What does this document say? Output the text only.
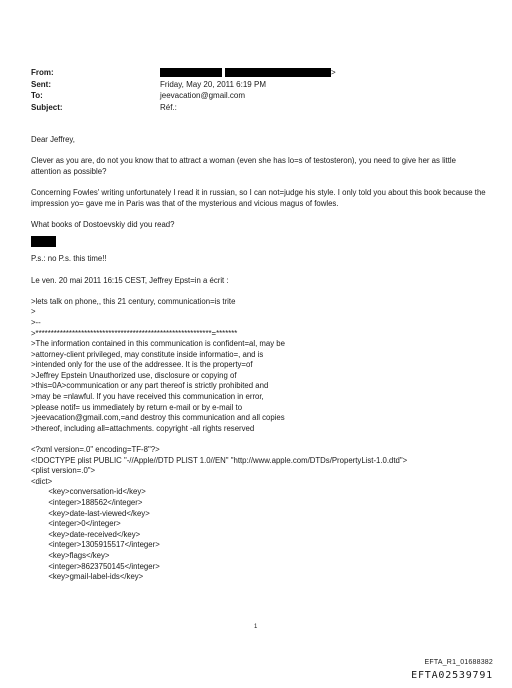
From:	>
Sent:	Friday, May 20, 2011 6:19 PM
To:	jeevacation@gmail.com
Subject:	Réf.:

Dear Jeffrey,

Clever as you are, do not you know that to attract a woman (even she has lo=s of testosteron), you need to give her as little attention as possible?

Concerning Fowles' writing unfortunately I read it in russian, so I can not=judge his style. I only told you about this book because the impression yo= gave me in Paris was that of the mysterious and vicious magus of fowles.

What books of Dostoevskiy did you read?

P.s.: no P.s. this time!!

Le ven. 20 mai 2011 16:15 CEST, Jeffrey Epst=in a écrit :

>lets talk on phone,, this 21 century, communication=is trite

>

>--

>**********************************************************=*******

>The information contained in this communication is confident=al, may be

>attorney-client privileged, may constitute inside informatio=, and is

>intended only for the use of the addressee. It is the property=of

>Jeffrey Epstein Unauthorized use, disclosure or copying of

>this=0A>communication or any part thereof is strictly prohibited and

>may be =nlawful. If you have received this communication in error,

>please notif= us immediately by return e-mail or by e-mail to

>jeevacation@gmail.com,=and destroy this communication and all copies

>thereof, including all=attachments. copyright -all rights reserved

<?xml version=.0" encoding=TF-8"?>

<!DOCTYPE plist PUBLIC "-//Apple//DTD PLIST 1.0//EN" "http://www.apple.com/DTDs/PropertyList-1.0.dtd">

<plist version=.0">

<dict>

<key>conversation-id</key>

<integer>188562</integer>

<key>date-last-viewed</key>

<integer>0</integer>

<key>date-received</key>

<integer>1305915517</integer>

<key>flags</key>

<integer>8623750145</integer>

<key>gmail-label-ids</key>

1
EFTA_R1_01688382
EFTA02539791
